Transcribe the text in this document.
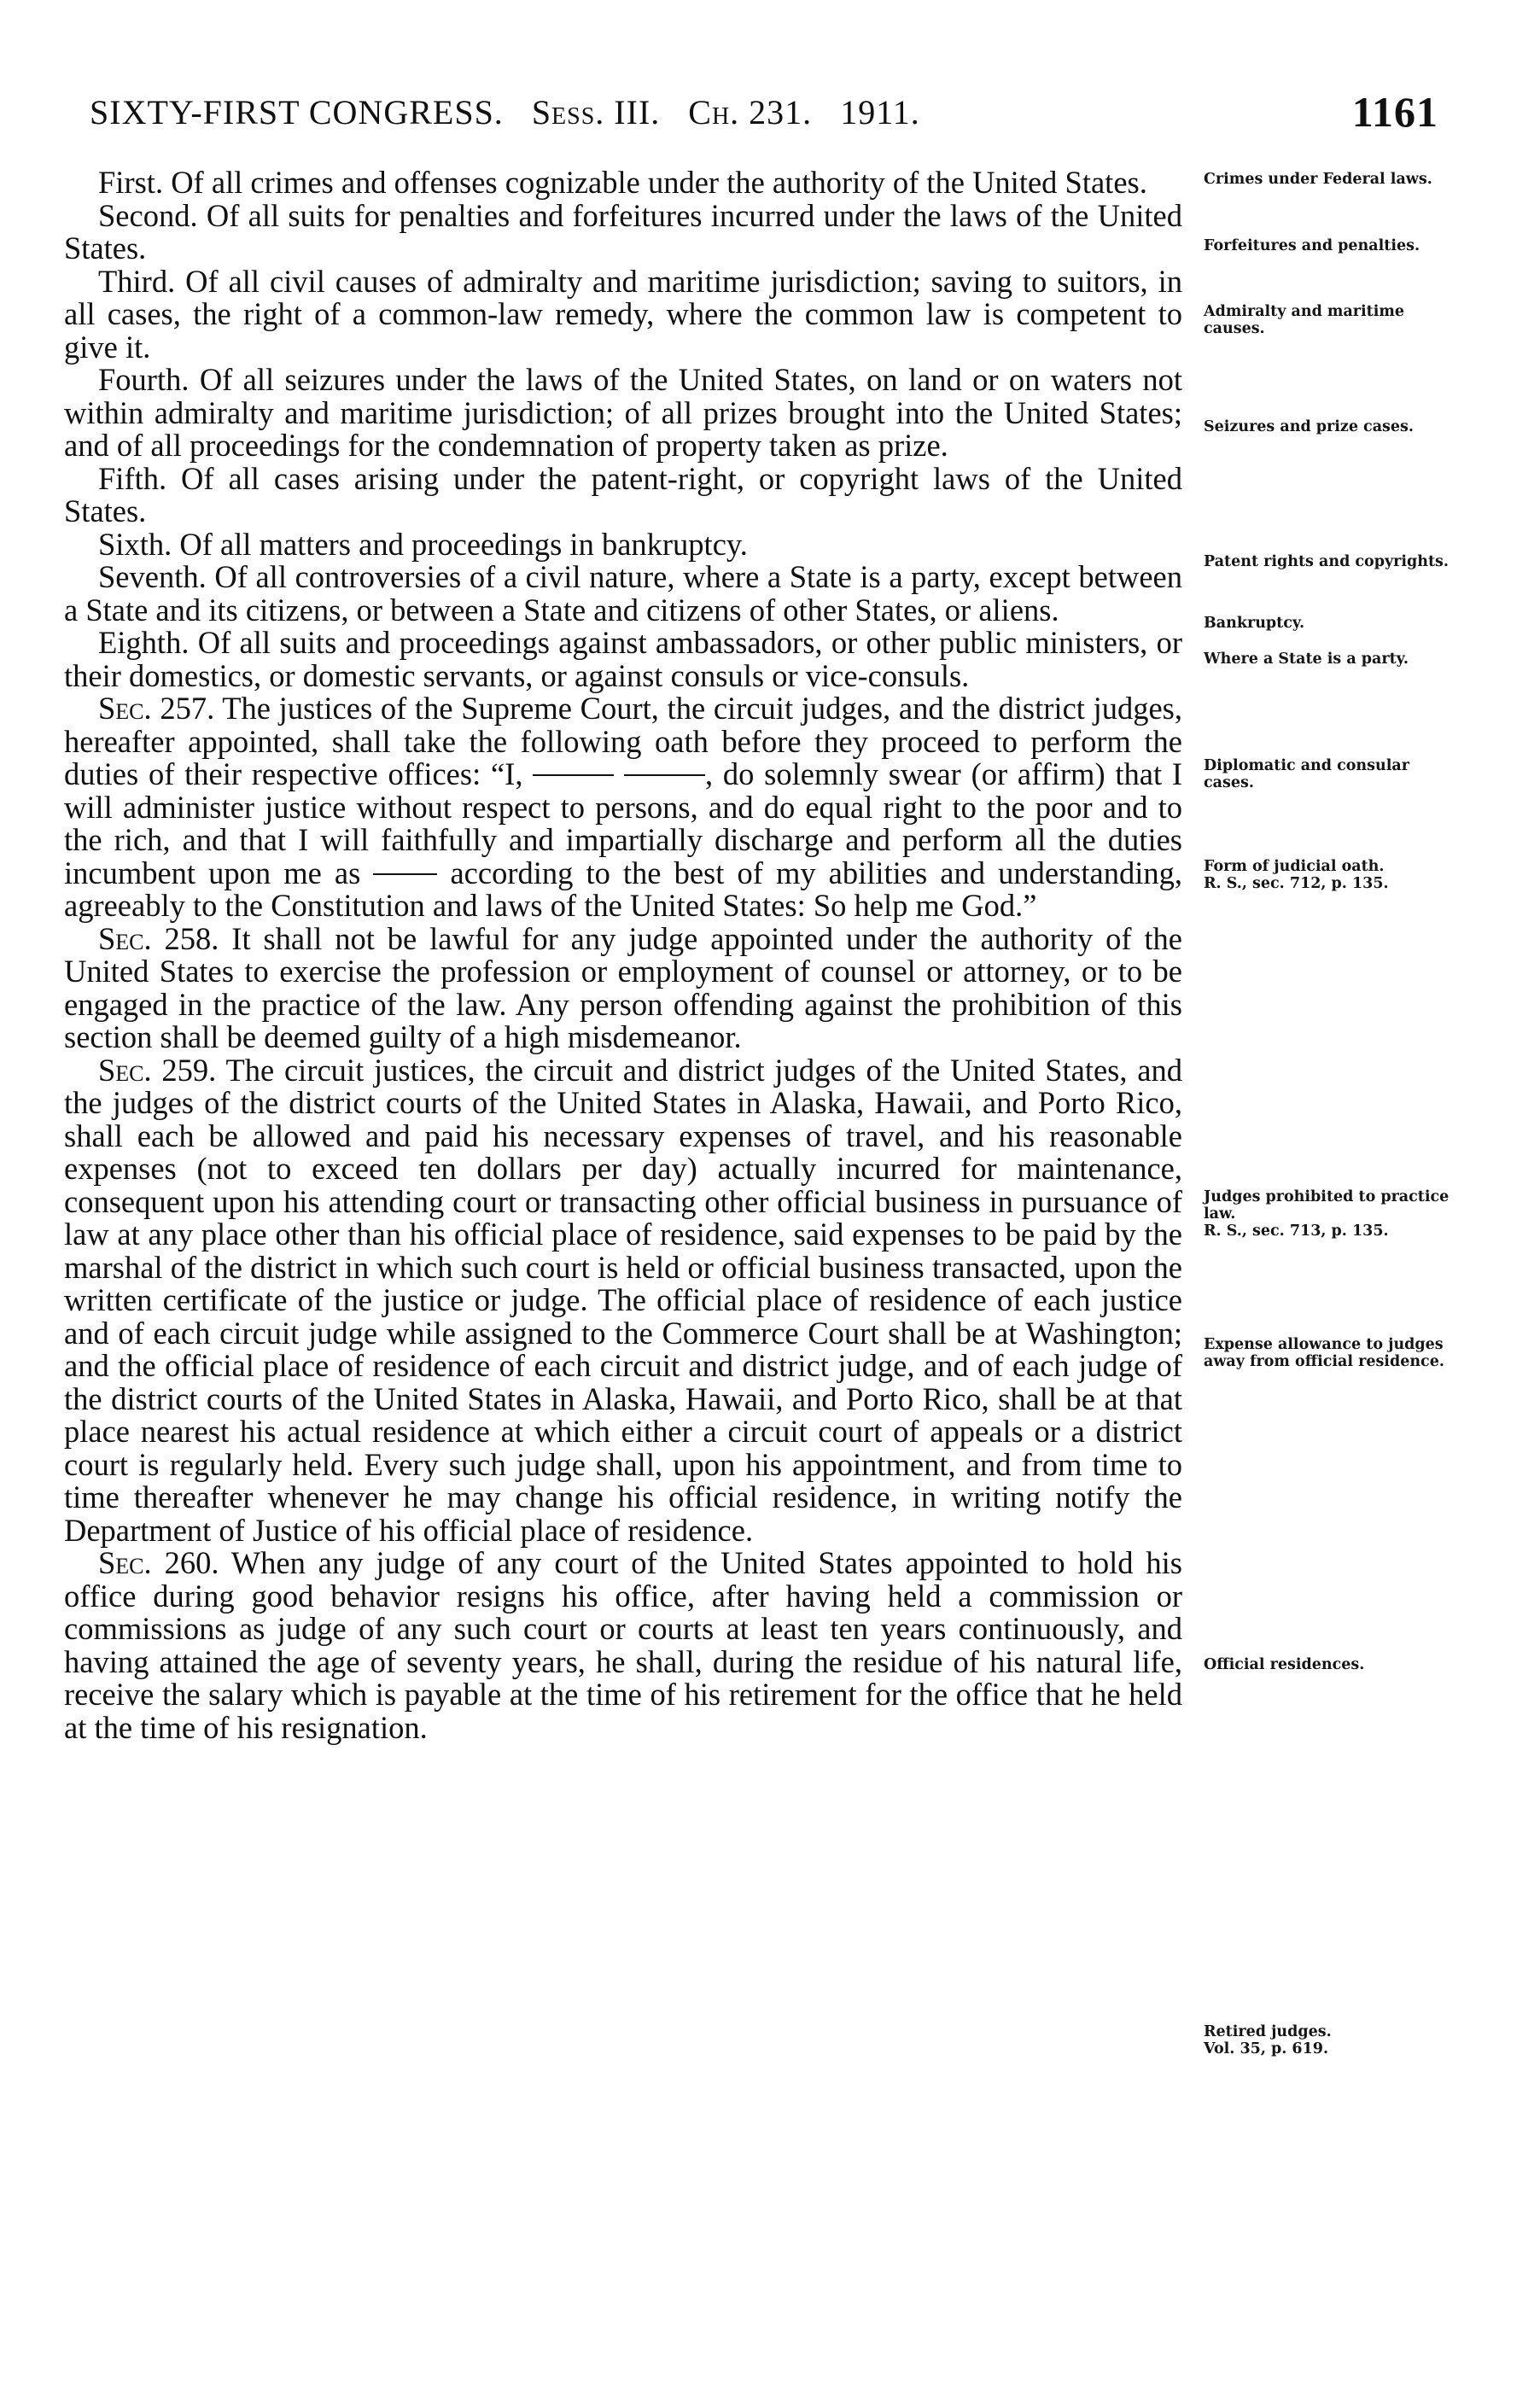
SIXTY-FIRST CONGRESS. Sess. III. Ch. 231. 1911.	1161

First. Of all crimes and offenses cognizable under the authority of the United States.

Second. Of all suits for penalties and forfeitures incurred under the laws of the United States.

Third. Of all civil causes of admiralty and maritime jurisdiction; saving to suitors, in all cases, the right of a common-law remedy, where the common law is competent to give it.

Fourth. Of all seizures under the laws of the United States, on land or on waters not within admiralty and maritime jurisdiction; of all prizes brought into the United States; and of all proceedings for the condemnation of property taken as prize.

Fifth. Of all cases arising under the patent-right, or copyright laws of the United States.

Sixth. Of all matters and proceedings in bankruptcy.

Seventh. Of all controversies of a civil nature, where a State is a party, except between a State and its citizens, or between a State and citizens of other States, or aliens.

Eighth. Of all suits and proceedings against ambassadors, or other public ministers, or their domestics, or domestic servants, or against consuls or vice-consuls.

Sec. 257. The justices of the Supreme Court, the circuit judges, and the district judges, hereafter appointed, shall take the following oath before they proceed to perform the duties of their respective offices: “I,	, do solemnly swear (or affirm) that I will administer justice without respect to persons, and do equal right to the poor and to the rich, and that I will faithfully and impartially discharge and perform all the duties incumbent upon me as	according to the best of my abilities and understanding, agreeably to the Constitution and laws of the United States: So help me God.”

Sec. 258. It shall not be lawful for any judge appointed under the authority of the United States to exercise the profession or employment of counsel or attorney, or to be engaged in the practice of the law. Any person offending against the prohibition of this section shall be deemed guilty of a high misdemeanor.

Sec. 259. The circuit justices, the circuit and district judges of the United States, and the judges of the district courts of the United States in Alaska, Hawaii, and Porto Rico, shall each be allowed and paid his necessary expenses of travel, and his reasonable expenses (not to exceed ten dollars per day) actually incurred for maintenance, consequent upon his attending court or transacting other official business in pursuance of law at any place other than his official place of residence, said expenses to be paid by the marshal of the district in which such court is held or official business transacted, upon the written certificate of the justice or judge. The official place of residence of each justice and of each circuit judge while assigned to the Commerce Court shall be at Washington; and the official place of residence of each circuit and district judge, and of each judge of the district courts of the United States in Alaska, Hawaii, and Porto Rico, shall be at that place nearest his actual residence at which either a circuit court of appeals or a district court is regularly held. Every such judge shall, upon his appointment, and from time to time thereafter whenever he may change his official residence, in writing notify the Department of Justice of his official place of residence.

Sec. 260. When any judge of any court of the United States appointed to hold his office during good behavior resigns his office, after having held a commission or commissions as judge of any such court or courts at least ten years continuously, and having attained the age of seventy years, he shall, during the residue of his natural life, receive the salary which is payable at the time of his retirement for the office that he held at the time of his resignation.

Crimes under Federal laws.
Forfeitures and penalties.
Admiralty and maritime causes.
Seizures and prize cases.
Patent rights and copyrights.
Bankruptcy.
Where a State is a party.
Diplomatic and consular cases.
Form of judicial oath.
R. S., sec. 712, p. 135.
Judges prohibited to practice law.
R. S., sec. 713, p. 135.
Expense allowance to judges away from official residence.
Official residences.
Retired judges.
Vol. 35, p. 619.
